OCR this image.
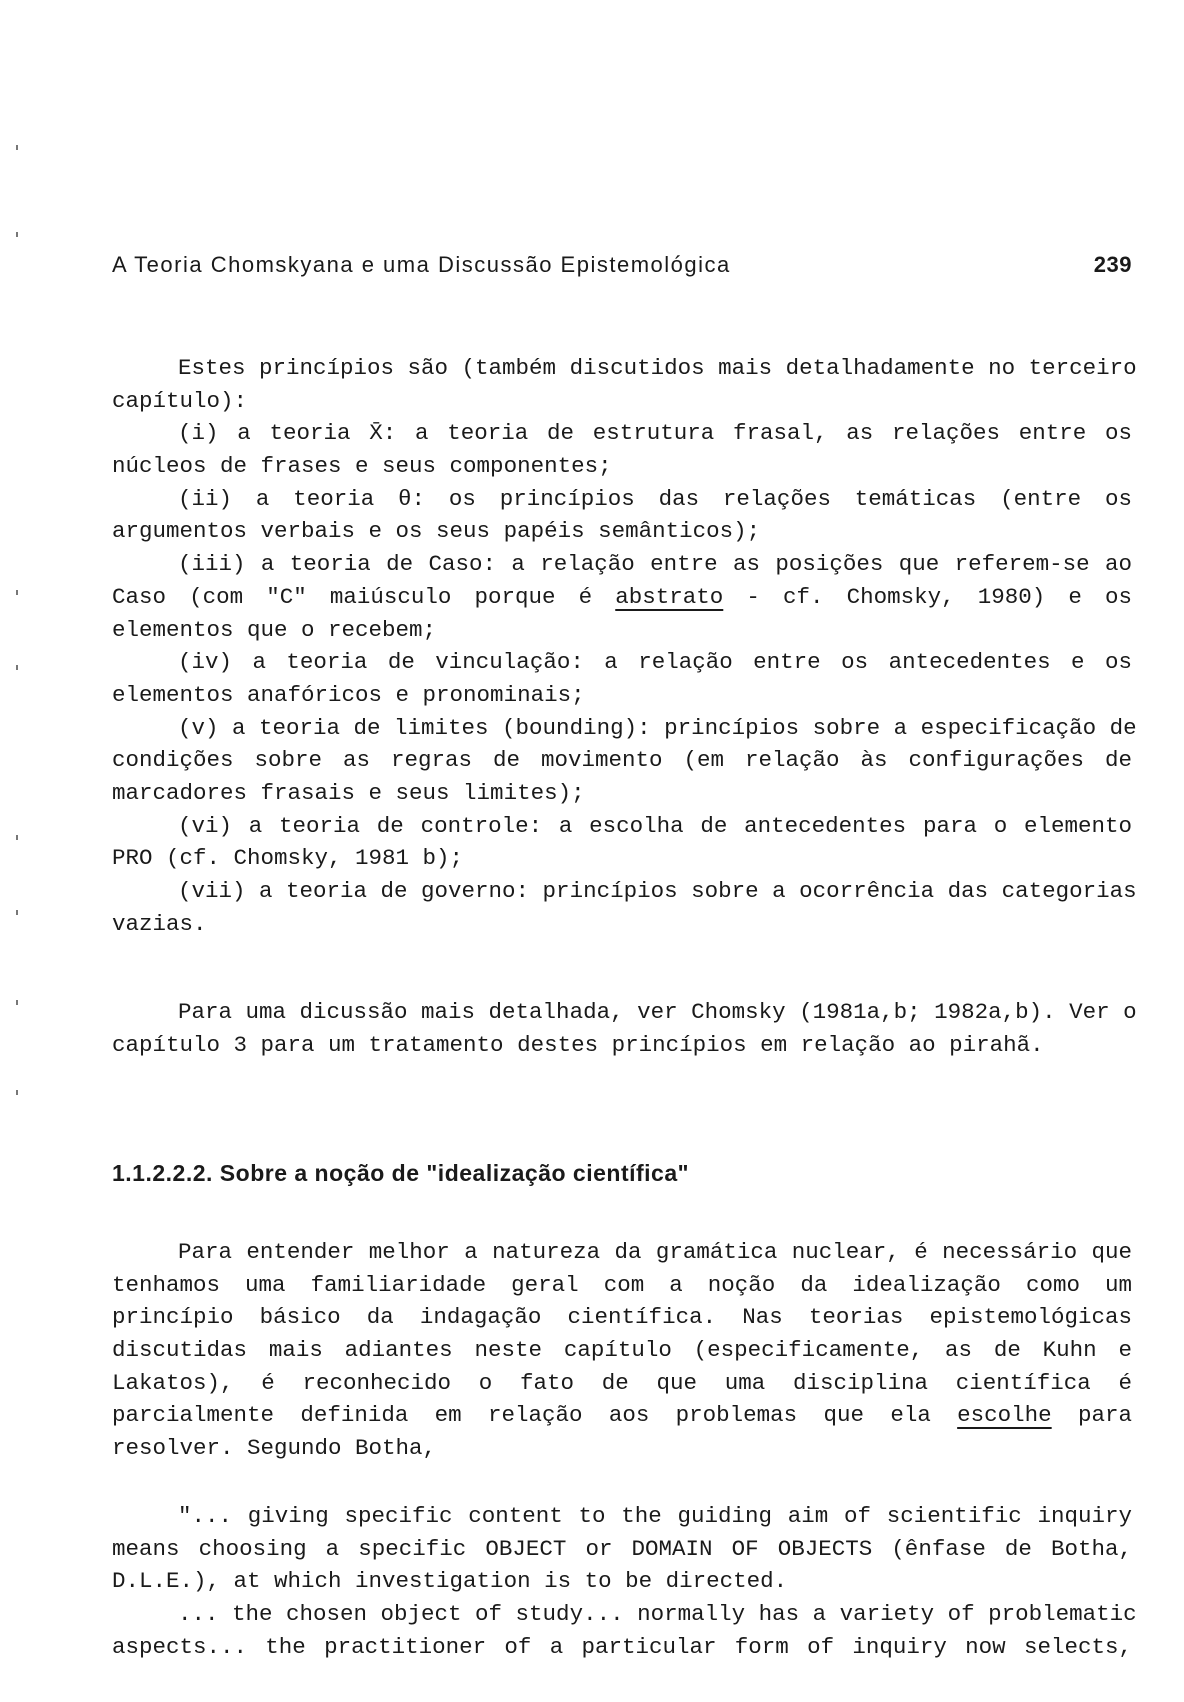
A Teoria Chomskyana e uma Discussão Epistemológica	239
Estes princípios são (também discutidos mais detalhadamente no terceiro
capítulo):
(i) a teoria X̄: a teoria de estrutura frasal, as relações entre os
núcleos de frases e seus componentes;
(ii) a teoria θ: os princípios das relações temáticas (entre os
argumentos verbais e os seus papéis semânticos);
(iii) a teoria de Caso: a relação entre as posições que referem-se ao
Caso (com "C" maiúsculo porque é abstrato - cf. Chomsky, 1980) e os
elementos que o recebem;
(iv) a teoria de vinculação: a relação entre os antecedentes e os
elementos anafóricos e pronominais;
(v) a teoria de limites (bounding): princípios sobre a especificação de
condições sobre as regras de movimento (em relação às configurações de
marcadores frasais e seus limites);
(vi) a teoria de controle: a escolha de antecedentes para o elemento
PRO (cf. Chomsky, 1981 b);
(vii) a teoria de governo: princípios sobre a ocorrência das categorias
vazias.
Para uma dicussão mais detalhada, ver Chomsky (1981a,b; 1982a,b). Ver o
capítulo 3 para um tratamento destes princípios em relação ao pirahã.
1.1.2.2.2. Sobre a noção de "idealização científica"
Para entender melhor a natureza da gramática nuclear, é necessário que
tenhamos uma familiaridade geral com a noção da idealização como um
princípio básico da indagação científica. Nas teorias epistemológicas
discutidas mais adiantes neste capítulo (especificamente, as de Kuhn e
Lakatos), é reconhecido o fato de que uma disciplina científica é
parcialmente definida em relação aos problemas que ela escolhe para
resolver. Segundo Botha,
"... giving specific content to the guiding aim of scientific inquiry
means choosing a specific OBJECT or DOMAIN OF OBJECTS (ênfase de Botha,
D.L.E.), at which investigation is to be directed.
... the chosen object of study... normally has a variety of problematic
aspects... the practitioner of a particular form of inquiry now selects,
